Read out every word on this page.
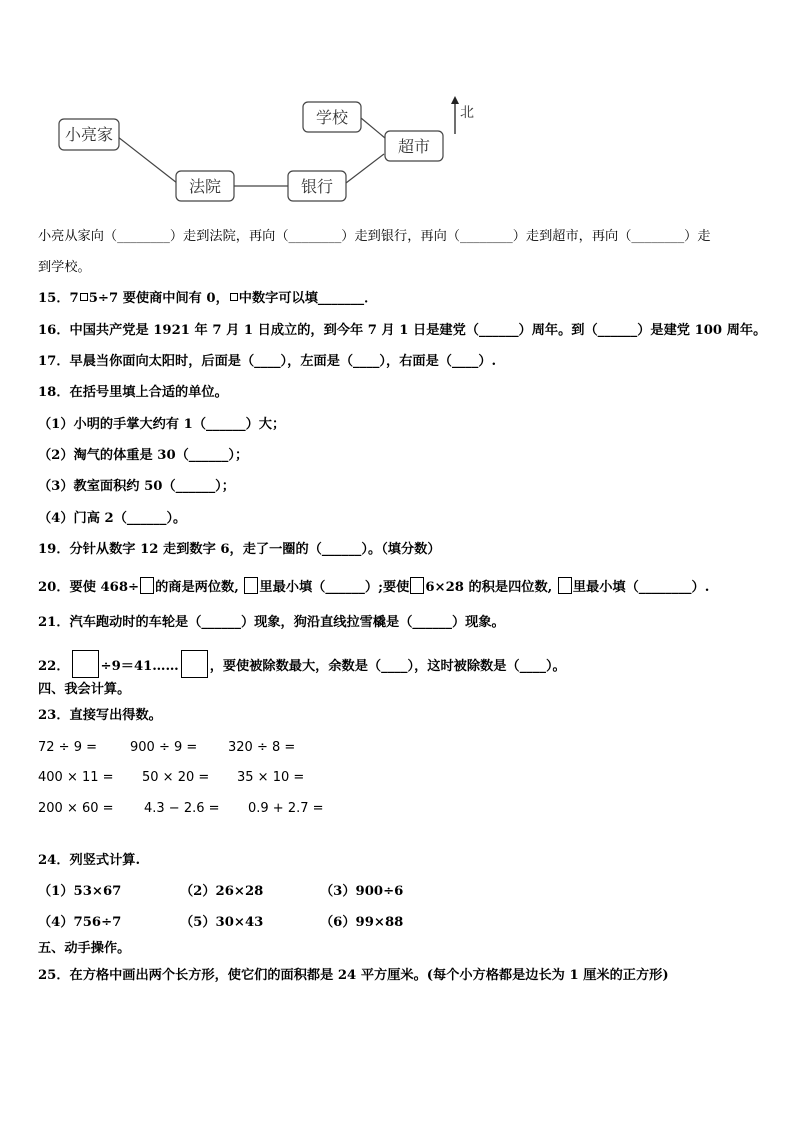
小亮家
法院	银行
学校
超市
北
小亮从家向（________）走到法院，再向（________）走到银行，再向（________）走到超市，再向（________）走
到学校。
15．7 5÷7 要使商中间有 0， 中数字可以填_______．
16．中国共产党是 1921 年 7 月 1 日成立的，到今年 7 月 1 日是建党（______）周年。到（______）是建党 100 周年。
17．早晨当你面向太阳时，后面是（____），左面是（____），右面是（____）.
18．在括号里填上合适的单位。
（1）小明的手掌大约有 1（______）大；
（2）淘气的体重是 30（______）；
（3）教室面积约 50（______）；
（4）门高 2（______）。
19．分针从数字 12 走到数字 6，走了一圈的（______）。（填分数）
20．要使 468÷ 的商是两位数, 里最小填（______）;要使 6×28 的积是四位数, 里最小填（________）.
21．汽车跑动时的车轮是（______）现象，狗沿直线拉雪橇是（______）现象。
22． ÷9＝41…… ，要使被除数最大，余数是（____），这时被除数是（____）。
四、我会计算。
23．直接写出得数。
72 ÷ 9 =	900 ÷ 9 = 320 ÷ 8 =
400 × 11 = 50 × 20 = 35 × 10 =
200 × 60 = 4.3 − 2.6 = 0.9 + 2.7 =
24．列竖式计算.
（1）53×67	（2）26×28	（3）900÷6
（4）756÷7	（5）30×43	（6）99×88
五、动手操作。
25．在方格中画出两个长方形，使它们的面积都是 24 平方厘米。(每个小方格都是边长为 1 厘米的正方形)
